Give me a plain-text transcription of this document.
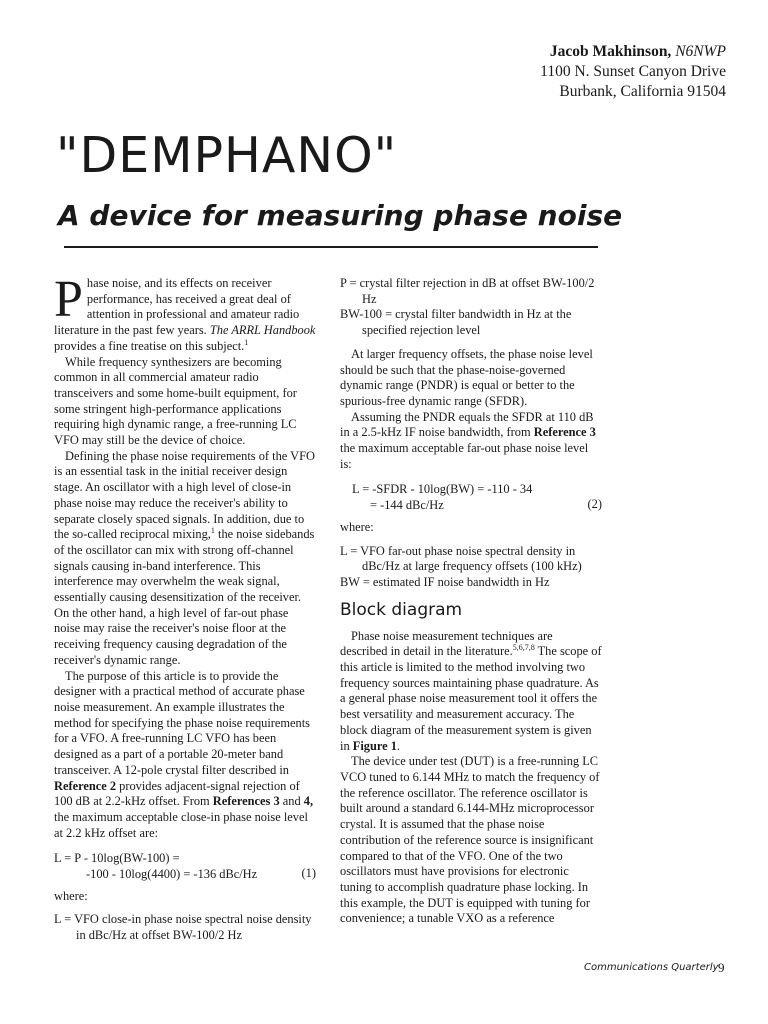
Jacob Makhinson, N6NWP
1100 N. Sunset Canyon Drive
Burbank, California 91504
"DEMPHANO"
A device for measuring phase noise

Phase noise, and its effects on receiver performance, has received a great deal of attention in professional and amateur radio literature in the past few years. The ARRL Handbook provides a fine treatise on this subject.$^1$

While frequency synthesizers are becoming common in all commercial amateur radio transceivers and some home-built equipment, for some stringent high-performance applications requiring high dynamic range, a free-running LC VFO may still be the device of choice.

Defining the phase noise requirements of the VFO is an essential task in the initial receiver design stage. An oscillator with a high level of close-in phase noise may reduce the receiver's ability to separate closely spaced signals. In addition, due to the so-called reciprocal mixing,$^1$ the noise sidebands of the oscillator can mix with strong off-channel signals causing in-band interference. This interference may overwhelm the weak signal, essentially causing desensitization of the receiver. On the other hand, a high level of far-out phase noise may raise the receiver's noise floor at the receiving frequency causing degradation of the receiver's dynamic range.

The purpose of this article is to provide the designer with a practical method of accurate phase noise measurement. An example illustrates the method for specifying the phase noise requirements for a VFO. A free-running LC VFO has been designed as a part of a portable 20-meter band transceiver. A 12-pole crystal filter described in Reference 2 provides adjacent-signal rejection of 100 dB at 2.2-kHz offset. From References 3 and 4, the maximum acceptable close-in phase noise level at 2.2 kHz offset are:

L = P - 10log(BW-100) =
-100 - 10log(4400) = -136 dBc/Hz	(1)

where:

L = VFO close-in phase noise spectral noise density in dBc/Hz at offset BW-100/2 Hz

P = crystal filter rejection in dB at offset BW-100/2 Hz

BW-100 = crystal filter bandwidth in Hz at the specified rejection level

At larger frequency offsets, the phase noise level should be such that the phase-noise-governed dynamic range (PNDR) is equal or better to the spurious-free dynamic range (SFDR).

Assuming the PNDR equals the SFDR at 110 dB in a 2.5-kHz IF noise bandwidth, from Reference 3 the maximum acceptable far-out phase noise level is:

L = -SFDR - 10log(BW) = -110 - 34
= -144 dBc/Hz	(2)

where:

L = VFO far-out phase noise spectral density in dBc/Hz at large frequency offsets (100 kHz)

BW = estimated IF noise bandwidth in Hz

Block diagram

Phase noise measurement techniques are described in detail in the literature.$^{5,6,7,8}$ The scope of this article is limited to the method involving two frequency sources maintaining phase quadrature. As a general phase noise measurement tool it offers the best versatility and measurement accuracy. The block diagram of the measurement system is given in Figure 1.

The device under test (DUT) is a free-running LC VCO tuned to 6.144 MHz to match the frequency of the reference oscillator. The reference oscillator is built around a standard 6.144-MHz microprocessor crystal. It is assumed that the phase noise contribution of the reference source is insignificant compared to that of the VFO. One of the two oscillators must have provisions for electronic tuning to accomplish quadrature phase locking. In this example, the DUT is equipped with tuning for convenience; a tunable VXO as a reference

Communications Quarterly 9
